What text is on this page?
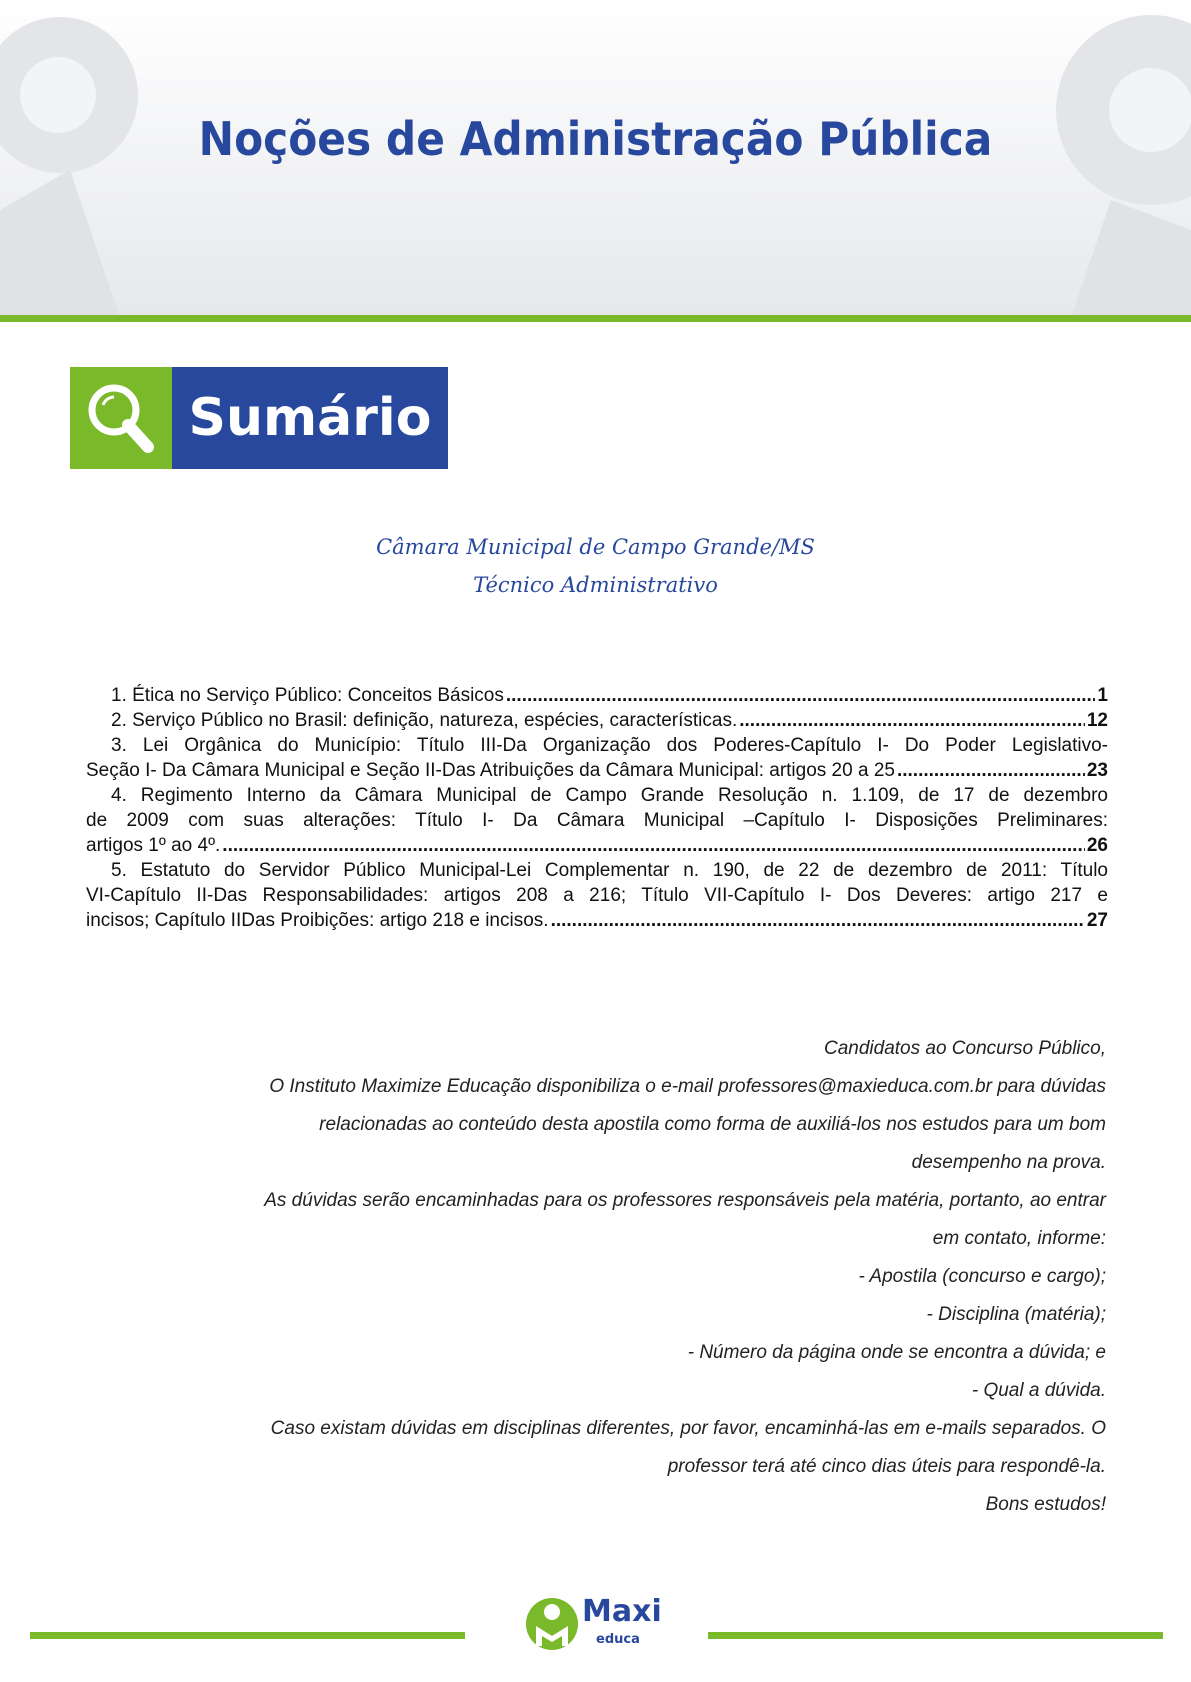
Noções de Administração Pública
Sumário
Câmara Municipal de Campo Grande/MS
Técnico Administrativo
1. Ética no Serviço Público: Conceitos Básicos .....	1
2. Serviço Público no Brasil: definição, natureza, espécies, características. .....	12
3. Lei Orgânica do Município: Título III-Da Organização dos Poderes-Capítulo I- Do Poder Legislativo-
Seção I- Da Câmara Municipal e Seção II-Das Atribuições da Câmara Municipal: artigos 20 a 25 .....	23
4. Regimento Interno da Câmara Municipal de Campo Grande Resolução n. 1.109, de 17 de dezembro
de 2009 com suas alterações: Título I- Da Câmara Municipal –Capítulo I- Disposições Preliminares:
artigos 1º ao 4º. .....	26
5. Estatuto do Servidor Público Municipal-Lei Complementar n. 190, de 22 de dezembro de 2011: Título
VI-Capítulo II-Das Responsabilidades: artigos 208 a 216; Título VII-Capítulo I- Dos Deveres: artigo 217 e
incisos; Capítulo IIDas Proibições: artigo 218 e incisos. .....	27
Candidatos ao Concurso Público,
O Instituto Maximize Educação disponibiliza o e-mail professores@maxieduca.com.br para dúvidas
relacionadas ao conteúdo desta apostila como forma de auxiliá-los nos estudos para um bom
desempenho na prova.
As dúvidas serão encaminhadas para os professores responsáveis pela matéria, portanto, ao entrar
em contato, informe:
- Apostila (concurso e cargo);
- Disciplina (matéria);
- Número da página onde se encontra a dúvida; e
- Qual a dúvida.
Caso existam dúvidas em disciplinas diferentes, por favor, encaminhá-las em e-mails separados. O
professor terá até cinco dias úteis para respondê-la.
Bons estudos!
Maxi
educa
